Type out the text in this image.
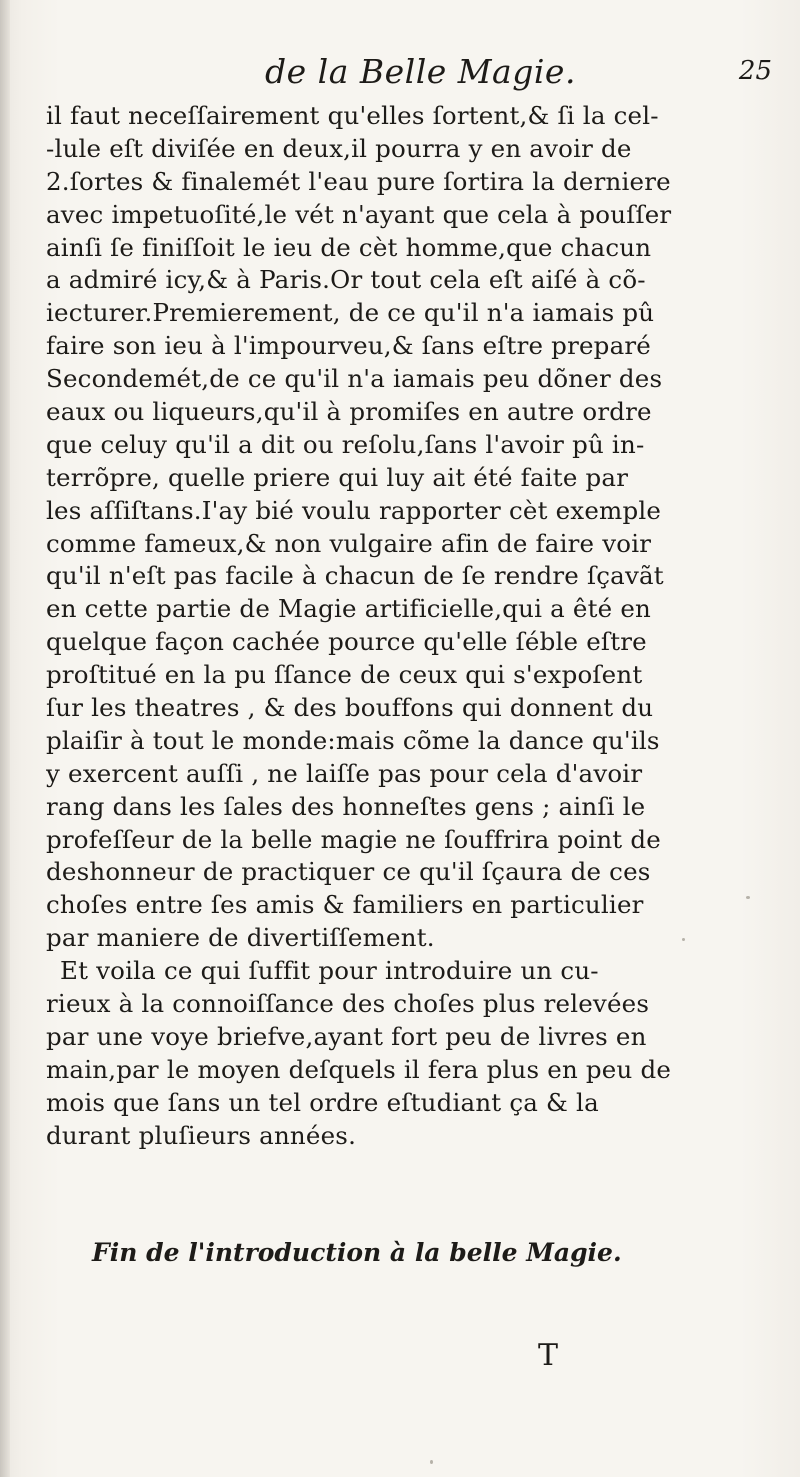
de la Belle Magie.	25
il faut neceſſairement qu'elles ſortent,& ſi la cel-
-lule eſt diviſée en deux,il pourra y en avoir de
2.ſortes & finalemét l'eau pure ſortira la derniere
avec impetuoſité,le vét n'ayant que cela à pouſſer
ainſi ſe finiſſoit le ieu de cèt homme,que chacun
a admiré icy,& à Paris.Or tout cela eſt aiſé à cõ-
iecturer.Premierement, de ce qu'il n'a iamais pû
faire son ieu à l'impourveu,& ſans eſtre preparé
Secondemét,de ce qu'il n'a iamais peu dõner des
eaux ou liqueurs,qu'il à promiſes en autre ordre
que celuy qu'il a dit ou reſolu,ſans l'avoir pû in-
terrõpre, quelle priere qui luy ait été faite par
les aſſiſtans.I'ay bié voulu rapporter cèt exemple
comme fameux,& non vulgaire afin de faire voir
qu'il n'eſt pas facile à chacun de ſe rendre ſçavãt
en cette partie de Magie artificielle,qui a êté en
quelque façon cachée pource qu'elle ſéble eſtre
proſtitué en la pu ſſance de ceux qui s'expoſent
ſur les theatres , & des bouffons qui donnent du
plaiſir à tout le monde:mais cõme la dance qu'ils
y exercent auſſi , ne laiſſe pas pour cela d'avoir
rang dans les ſales des honneſtes gens ; ainſi le
profeſſeur de la belle magie ne ſouffrira point de
deshonneur de practiquer ce qu'il ſçaura de ces
choſes entre ſes amis & familiers en particulier
par maniere de divertiſſement.
Et voila ce qui ſuffit pour introduire un cu-
rieux à la connoiſſance des choſes plus relevées
par une voye briefve,ayant fort peu de livres en
main,par le moyen deſquels il fera plus en peu de
mois que ſans un tel ordre eſtudiant ça & la
durant pluſieurs années.
Fin de l'introduction à la belle Magie.
T
